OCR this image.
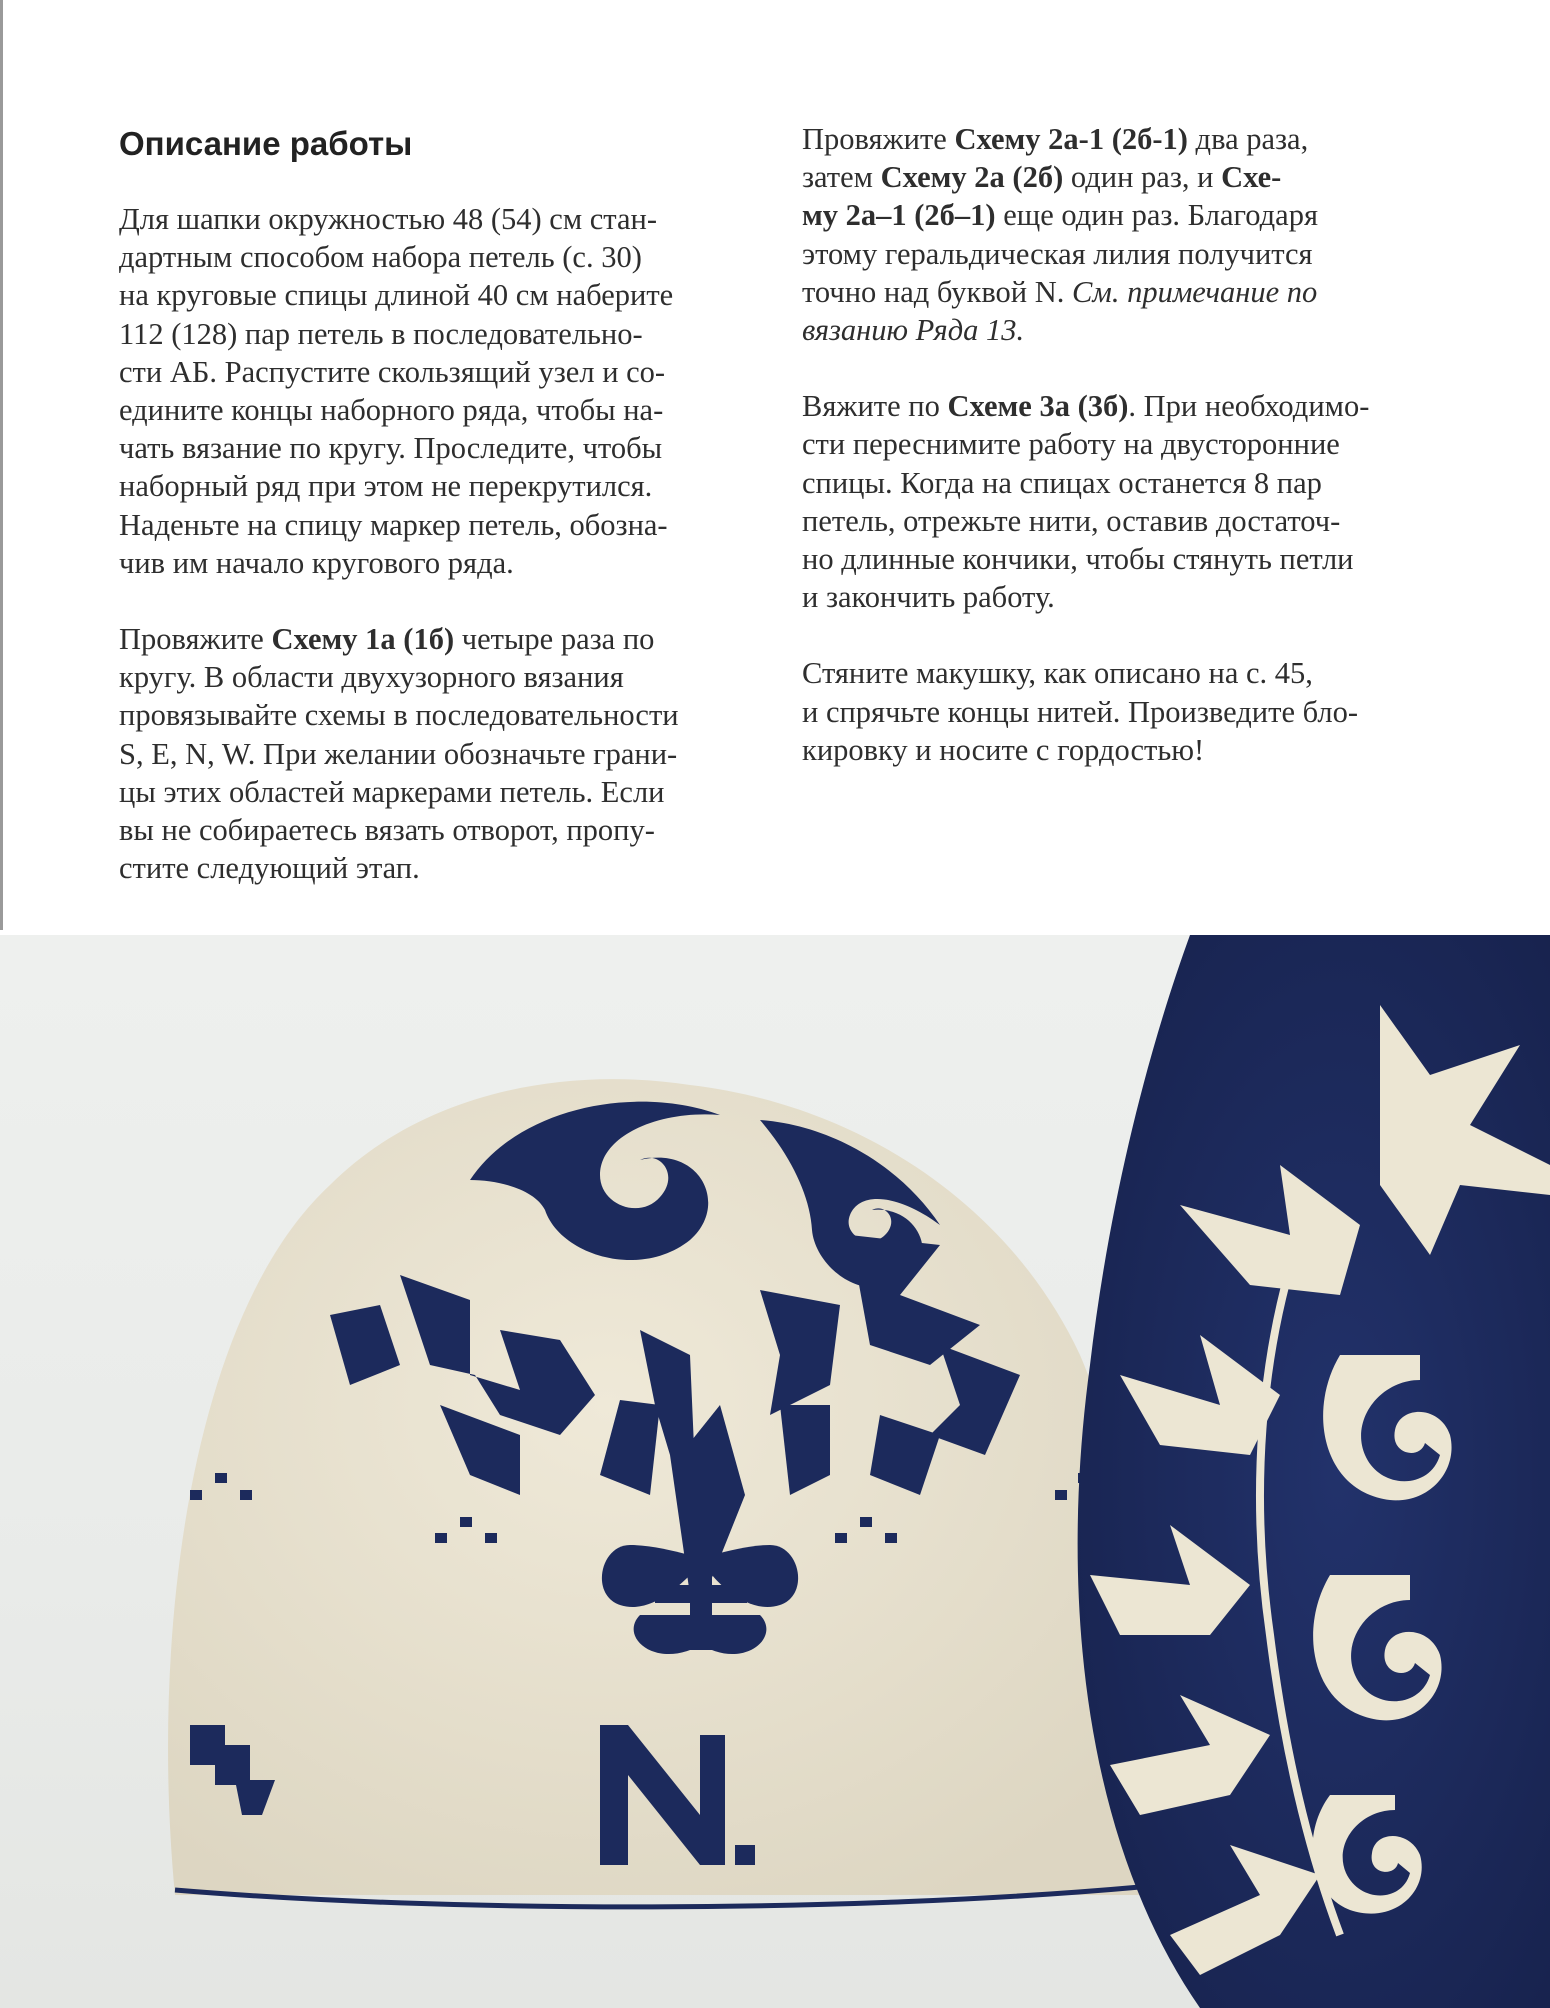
Описание работы

Для шапки окружностью 48 (54) см стан-
дартным способом набора петель (с. 30)
на круговые спицы длиной 40 см наберите
112 (128) пар петель в последовательно-
сти АБ. Распустите скользящий узел и со-
едините концы наборного ряда, чтобы на-
чать вязание по кругу. Проследите, чтобы
наборный ряд при этом не перекрутился.
Наденьте на спицу маркер петель, обозна-
чив им начало кругового ряда.

Провяжите Схему 1а (1б) четыре раза по
кругу. В области двухузорного вязания
провязывайте схемы в последовательности
S, E, N, W. При желании обозначьте грани-
цы этих областей маркерами петель. Если
вы не собираетесь вязать отворот, пропу-
стите следующий этап.

Провяжите Схему 2а-1 (2б-1) два раза,
затем Схему 2а (2б) один раз, и Схе-
му 2а–1 (2б–1) еще один раз. Благодаря
этому геральдическая лилия получится
точно над буквой N. См. примечание по
вязанию Ряда 13.

Вяжите по Схеме 3а (3б). При необходимо-
сти переснимите работу на двусторонние
спицы. Когда на спицах останется 8 пар
петель, отрежьте нити, оставив достаточ-
но длинные кончики, чтобы стянуть петли
и закончить работу.

Стяните макушку, как описано на с. 45,
и спрячьте концы нитей. Произведите бло-
кировку и носите с гордостью!
